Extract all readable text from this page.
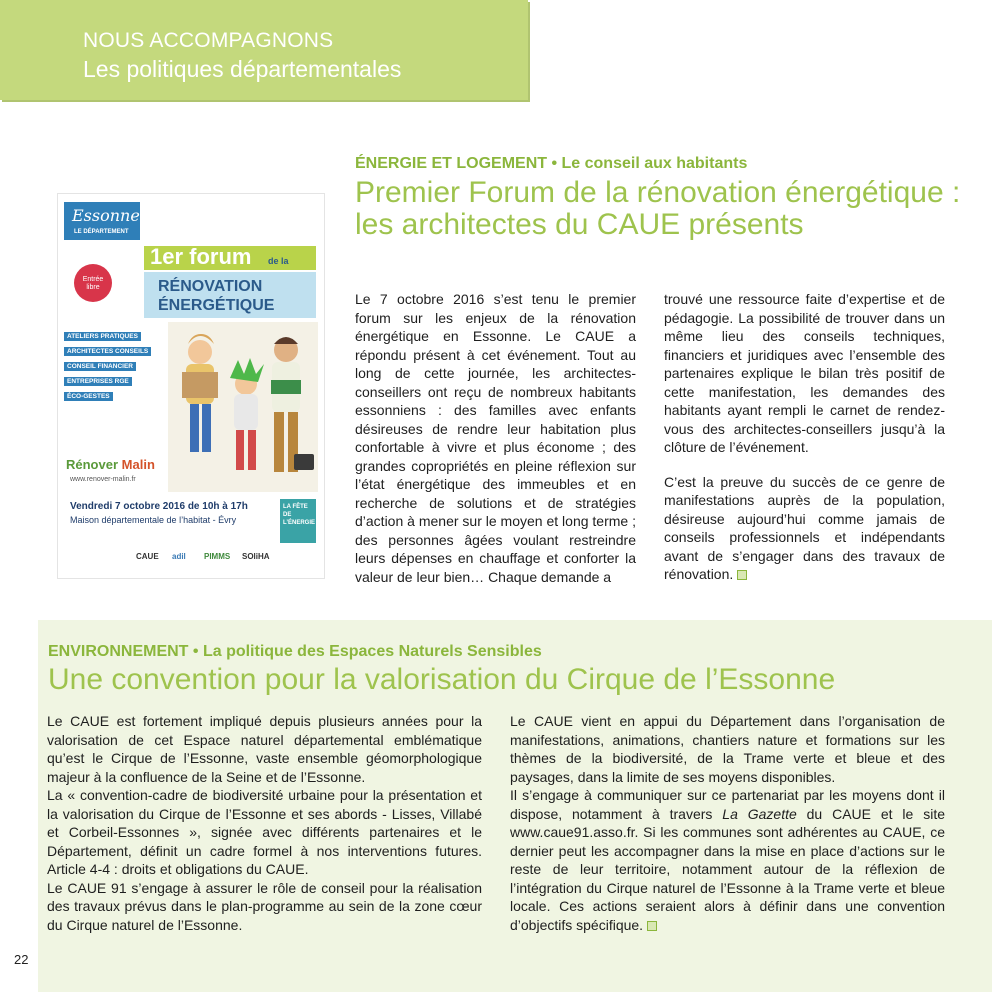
NOUS ACCOMPAGNONS
Les politiques départementales
ÉNERGIE ET LOGEMENT • Le conseil aux habitants
Premier Forum de la rénovation énergétique :
les architectes du CAUE présents

Le 7 octobre 2016 s’est tenu le premier forum sur les enjeux de la rénovation énergétique en Essonne. Le CAUE a répondu présent à cet événement. Tout au long de cette journée, les architectes-conseillers ont reçu de nombreux habitants essonniens : des familles avec enfants désireuses de rendre leur habitation plus confortable à vivre et plus économe ; des grandes copropriétés en pleine réflexion sur l’état énergétique des immeubles et en recherche de solutions et de stratégies d’action à mener sur le moyen et long terme ; des personnes âgées voulant restreindre leurs dépenses en chauffage et conforter la valeur de leur bien… Chaque demande a

trouvé une ressource faite d’expertise et de pédagogie. La possibilité de trouver dans un même lieu des conseils techniques, financiers et juridiques avec l’ensemble des partenaires explique le bilan très positif de cette manifestation, les demandes des habitants ayant rempli le carnet de rendez-vous des architectes-conseillers jusqu’à la clôture de l’événement.

C’est la preuve du succès de ce genre de manifestations auprès de la population, désireuse aujourd’hui comme jamais de conseils professionnels et indépendants avant de s’engager dans des travaux de rénovation.

Essonne
LE DÉPARTEMENT
Entrée
libre
1er forum de la
RÉNOVATION
ÉNERGÉTIQUE
ATELIERS PRATIQUES
ARCHITECTES CONSEILS
CONSEIL FINANCIER
ENTREPRISES RGE
ÉCO-GESTES
Rénover Malin
www.renover-malin.fr
Vendredi 7 octobre 2016 de 10h à 17h
Maison départementale de l’habitat - Évry
LA FÊTE DE L’ÉNERGIE
CAUE adil PIMMS SOliHA
ENVIRONNEMENT • La politique des Espaces Naturels Sensibles
Une convention pour la valorisation du Cirque de l’Essonne

Le CAUE est fortement impliqué depuis plusieurs années pour la valorisation de cet Espace naturel départemental emblématique qu’est le Cirque de l’Essonne, vaste ensemble géomorphologique majeur à la confluence de la Seine et de l’Essonne.

La « convention-cadre de biodiversité urbaine pour la présentation et la valorisation du Cirque de l’Essonne et ses abords - Lisses, Villabé et Corbeil-Essonnes », signée avec différents partenaires et le Département, définit un cadre formel à nos interventions futures. Article 4-4 : droits et obligations du CAUE.

Le CAUE 91 s’engage à assurer le rôle de conseil pour la réalisation des travaux prévus dans le plan-programme au sein de la zone cœur du Cirque naturel de l’Essonne.

Le CAUE vient en appui du Département dans l’organisation de manifestations, animations, chantiers nature et formations sur les thèmes de la biodiversité, de la Trame verte et bleue et des paysages, dans la limite de ses moyens disponibles.

Il s’engage à communiquer sur ce partenariat par les moyens dont il dispose, notamment à travers La Gazette du CAUE et le site www.caue91.asso.fr. Si les communes sont adhérentes au CAUE, ce dernier peut les accompagner dans la mise en place d’actions sur le reste de leur territoire, notamment autour de la réflexion de l’intégration du Cirque naturel de l’Essonne à la Trame verte et bleue locale. Ces actions seraient alors à définir dans une convention d’objectifs spécifique.

22
